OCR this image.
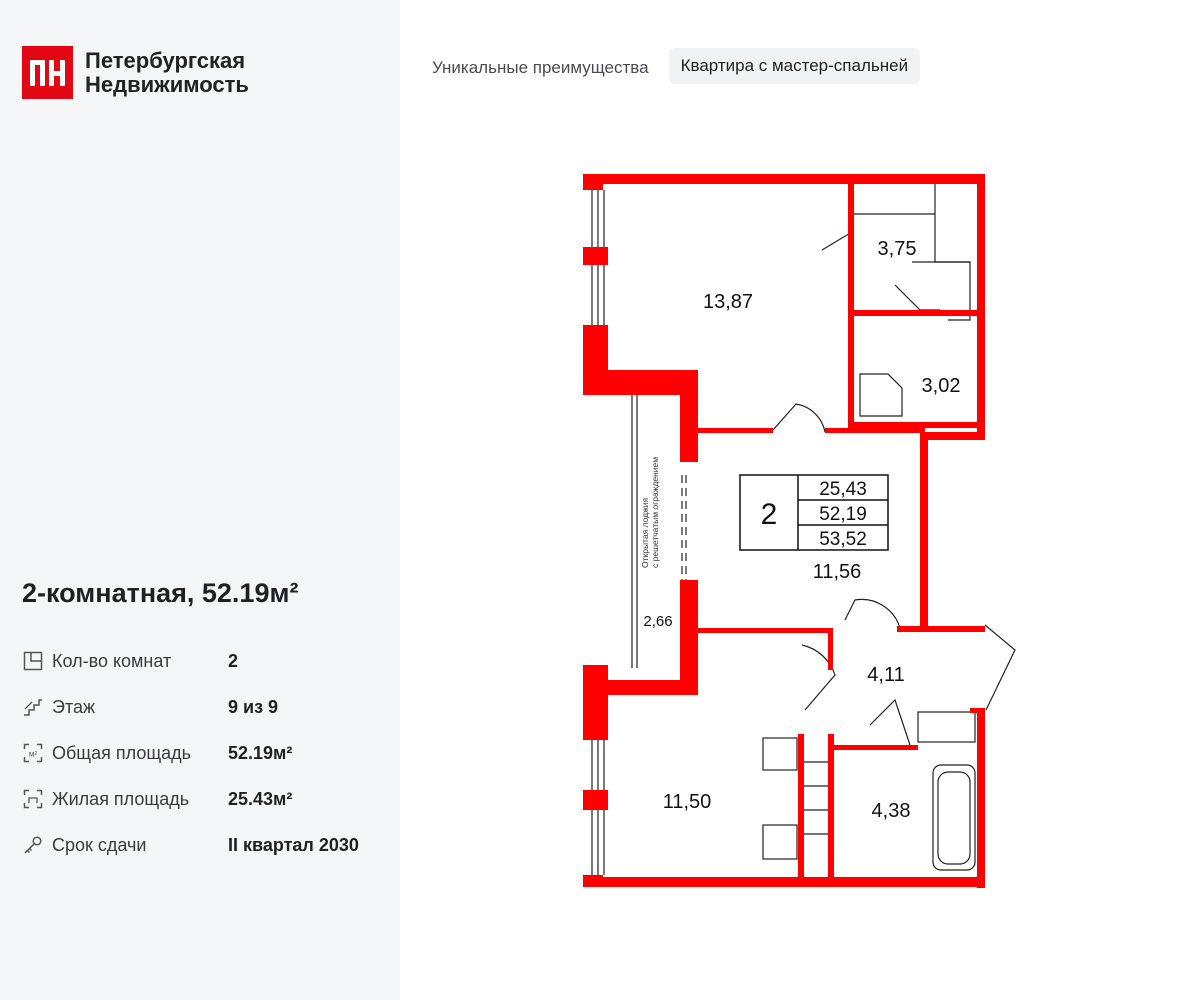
Петербургская
Недвижимость
2-комнатная, 52.19м²
Кол-во комнат	2
Этаж	9 из 9
м² Общая площадь	52.19м²
Жилая площадь	25.43м²
Срок сдачи	II квартал 2030
Уникальные преимущества	Квартира с мастер-спальней
2
25,43
52,19
53,52
13,87
3,75
3,02
11,56
4,11
11,50	4,38
2,66
Открытая лоджия с решетчатым ограждением
